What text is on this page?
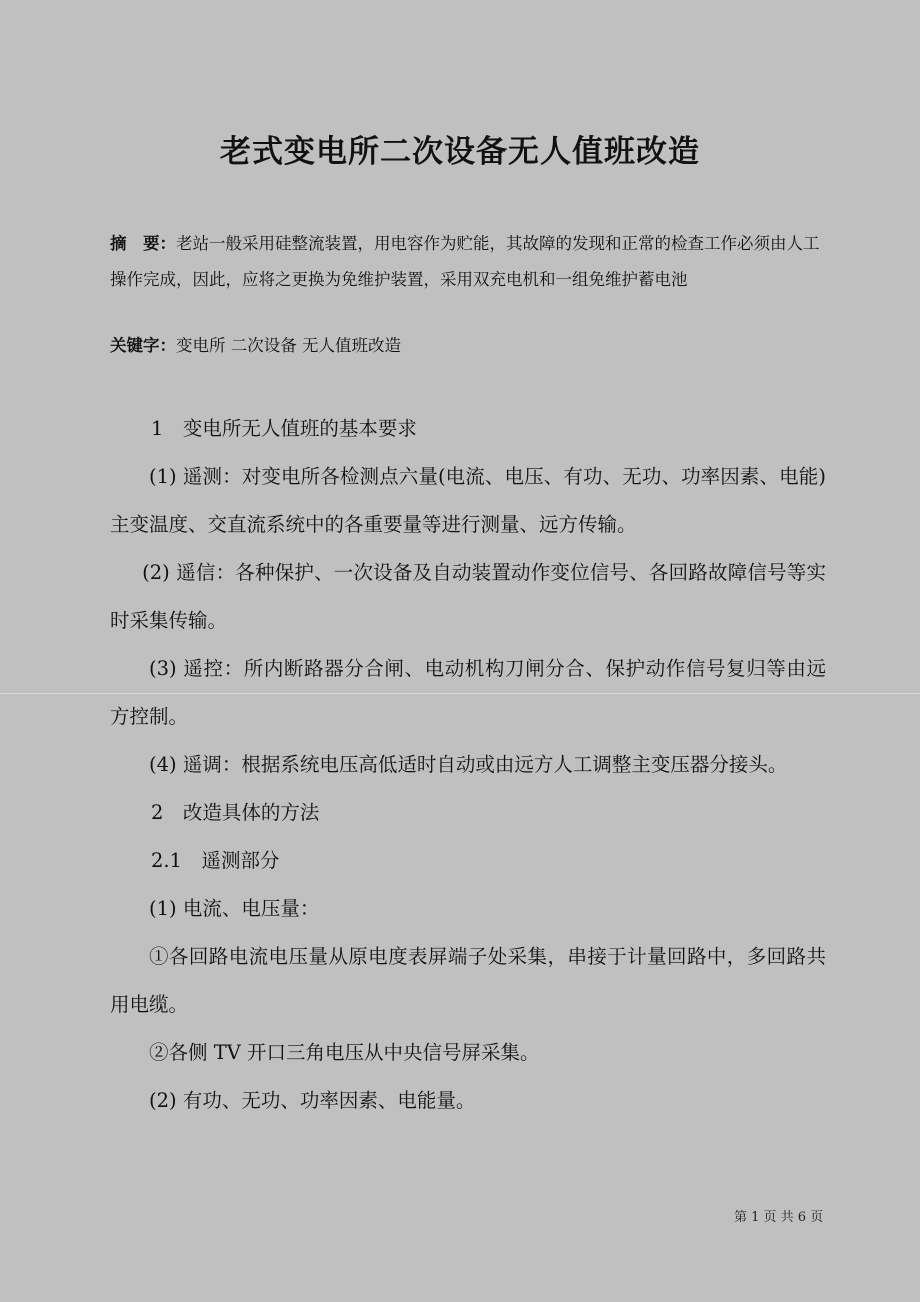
老式变电所二次设备无人值班改造
摘　要：老站一般采用硅整流装置，用电容作为贮能，其故障的发现和正常的检查工作必须由人工操作完成，因此，应将之更换为免维护装置，采用双充电机和一组免维护蓄电池
关键字：变电所 二次设备 无人值班改造

1　变电所无人值班的基本要求

(1) 遥测：对变电所各检测点六量(电流、电压、有功、无功、功率因素、电能)主变温度、交直流系统中的各重要量等进行测量、远方传输。

(2) 遥信：各种保护、一次设备及自动装置动作变位信号、各回路故障信号等实时采集传输。

(3) 遥控：所内断路器分合闸、电动机构刀闸分合、保护动作信号复归等由远方控制。

(4) 遥调：根据系统电压高低适时自动或由远方人工调整主变压器分接头。

2　改造具体的方法

2.1　遥测部分

(1) 电流、电压量：

①各回路电流电压量从原电度表屏端子处采集，串接于计量回路中，多回路共用电缆。

②各侧 TV 开口三角电压从中央信号屏采集。

(2) 有功、无功、功率因素、电能量。

第 1 页 共 6 页
